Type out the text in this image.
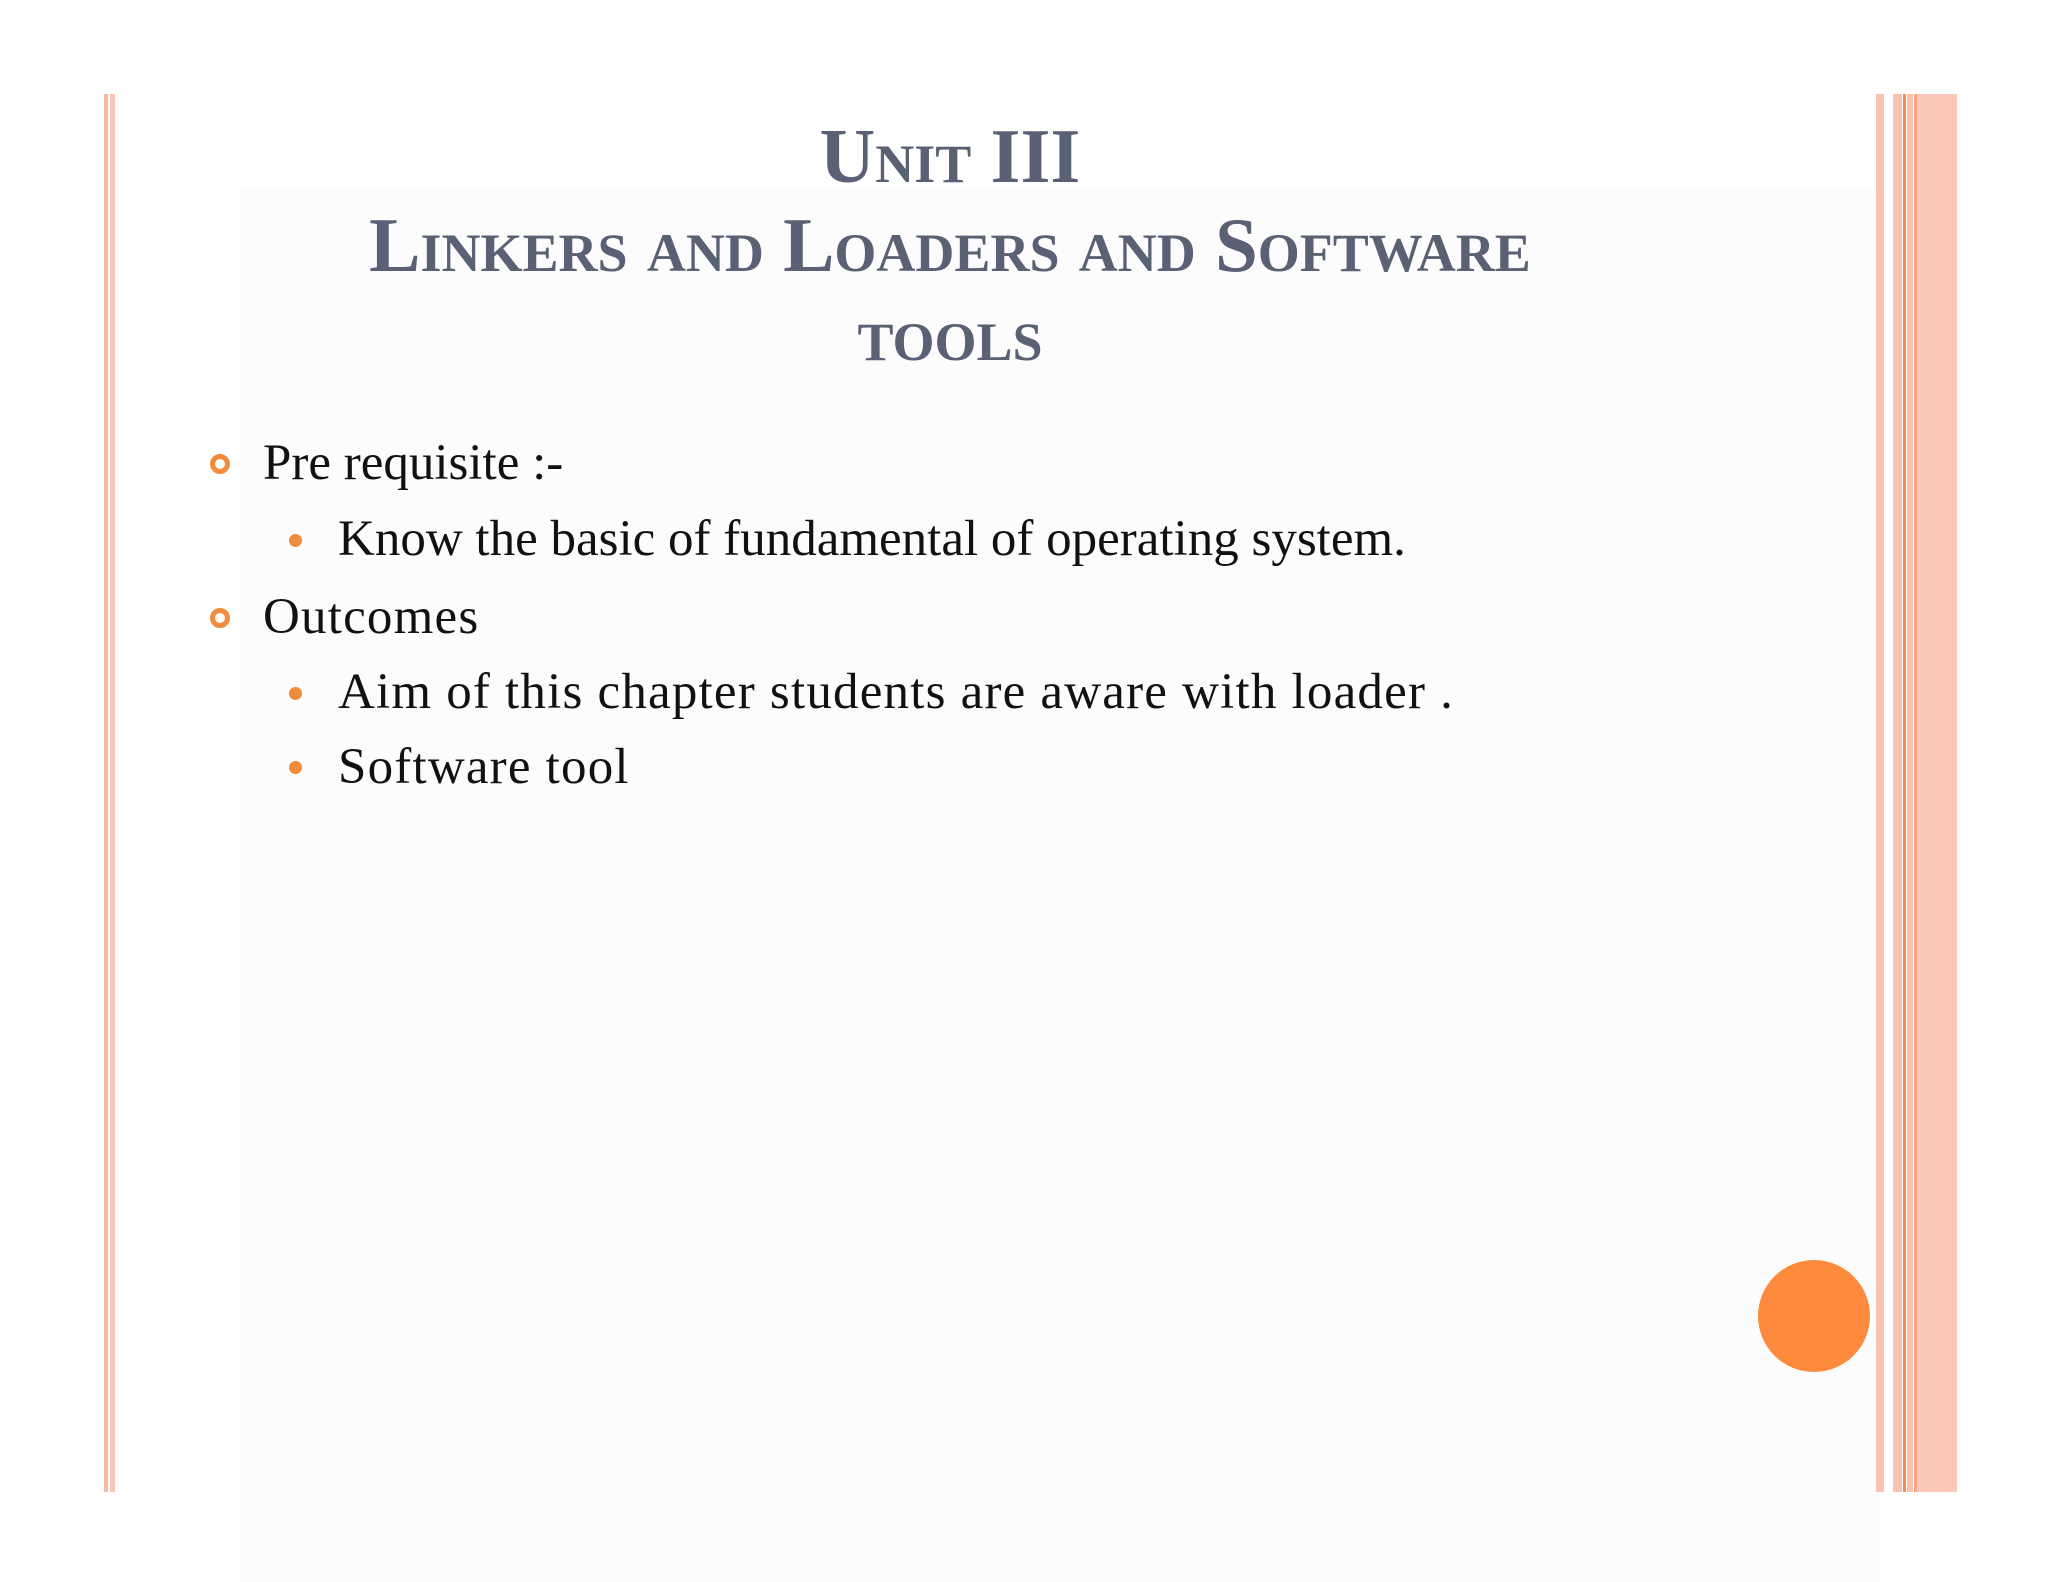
Unit III
Linkers and Loaders and Software
tools
Pre requisite :-
Know the basic of fundamental of operating system.
Outcomes
Aim of this chapter students are aware with loader .
Software tool
